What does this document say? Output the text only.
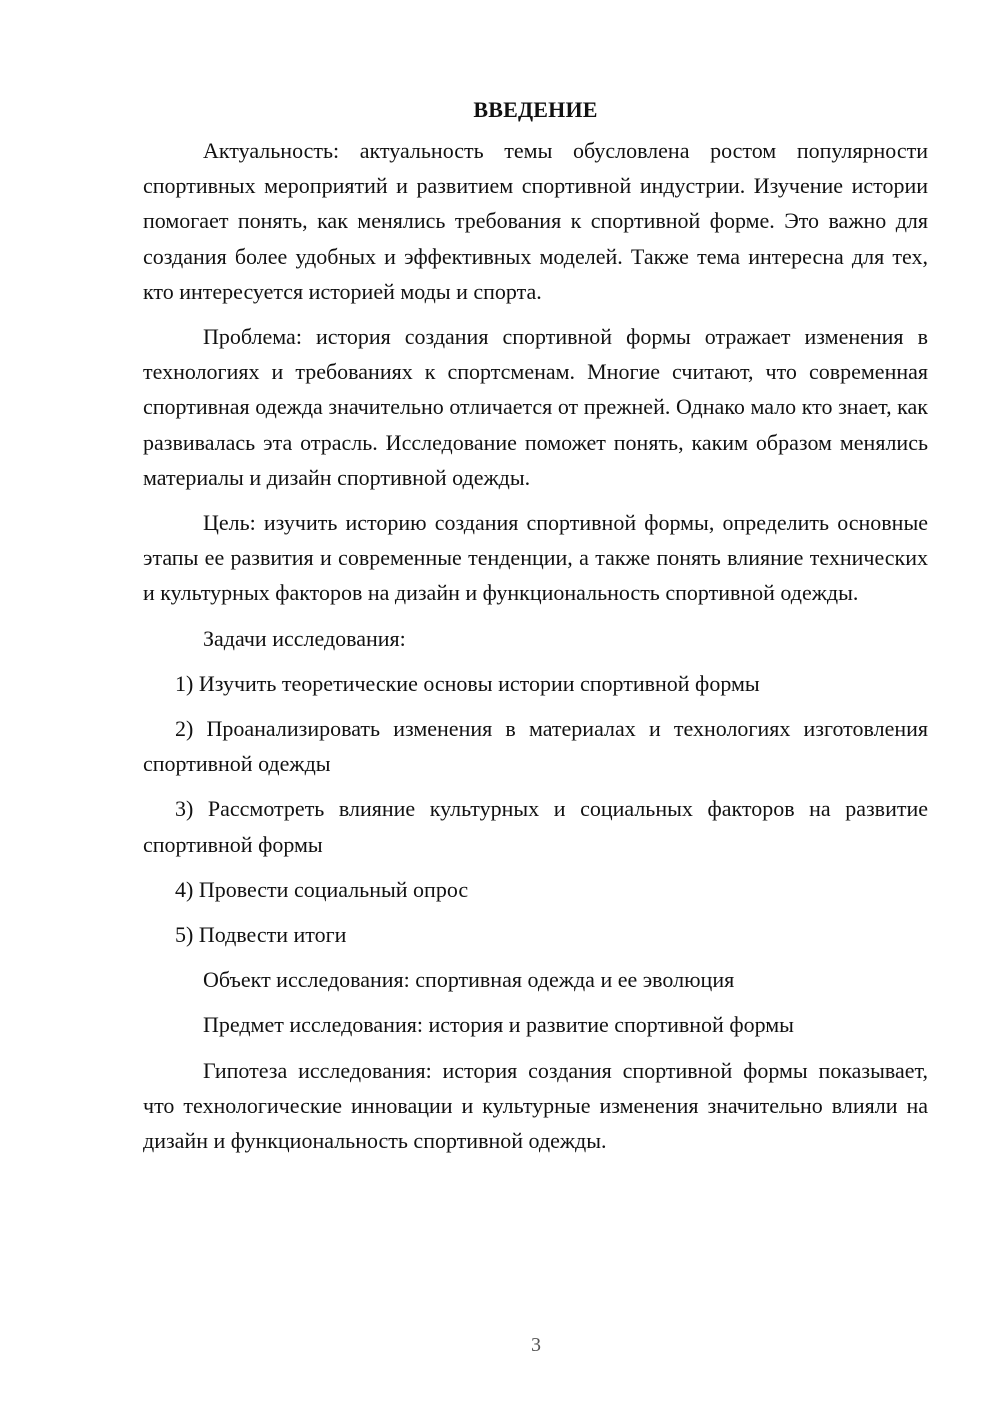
ВВЕДЕНИЕ

Актуальность: актуальность темы обусловлена ростом популярности спортивных мероприятий и развитием спортивной индустрии. Изучение истории помогает понять, как менялись требования к спортивной форме. Это важно для создания более удобных и эффективных моделей. Также тема интересна для тех, кто интересуется историей моды и спорта.

Проблема: история создания спортивной формы отражает изменения в технологиях и требованиях к спортсменам. Многие считают, что современная спортивная одежда значительно отличается от прежней. Однако мало кто знает, как развивалась эта отрасль. Исследование поможет понять, каким образом менялись материалы и дизайн спортивной одежды.

Цель: изучить историю создания спортивной формы, определить основные этапы ее развития и современные тенденции, а также понять влияние технических и культурных факторов на дизайн и функциональность спортивной одежды.

Задачи исследования:

1) Изучить теоретические основы истории спортивной формы

2) Проанализировать изменения в материалах и технологиях изготовления спортивной одежды

3) Рассмотреть влияние культурных и социальных факторов на развитие спортивной формы

4) Провести социальный опрос

5) Подвести итоги

Объект исследования: спортивная одежда и ее эволюция

Предмет исследования: история и развитие спортивной формы

Гипотеза исследования: история создания спортивной формы показывает, что технологические инновации и культурные изменения значительно влияли на дизайн и функциональность спортивной одежды.

3
